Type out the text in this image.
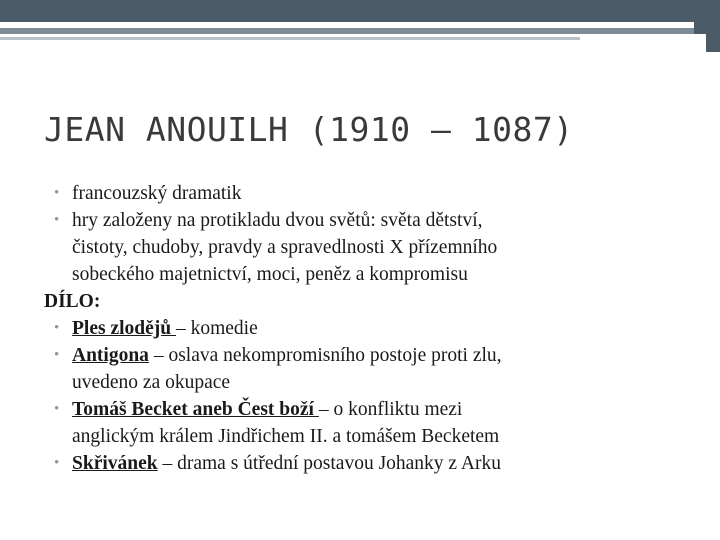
JEAN ANOUILH (1910 – 1087)
• francouzský dramatik
• hry založeny na protikladu dvou světů: světa dětství,
čistoty, chudoby, pravdy a spravedlnosti X přízemního
sobeckého majetnictví, moci, peněz a kompromisu
DÍLO:
• Ples zlodějů – komedie
• Antigona – oslava nekompromisního postoje proti zlu,
uvedeno za okupace
• Tomáš Becket aneb Čest boží – o konfliktu mezi
anglickým králem Jindřichem II. a tomášem Becketem
• Skřivánek – drama s útřední postavou Johanky z Arku
